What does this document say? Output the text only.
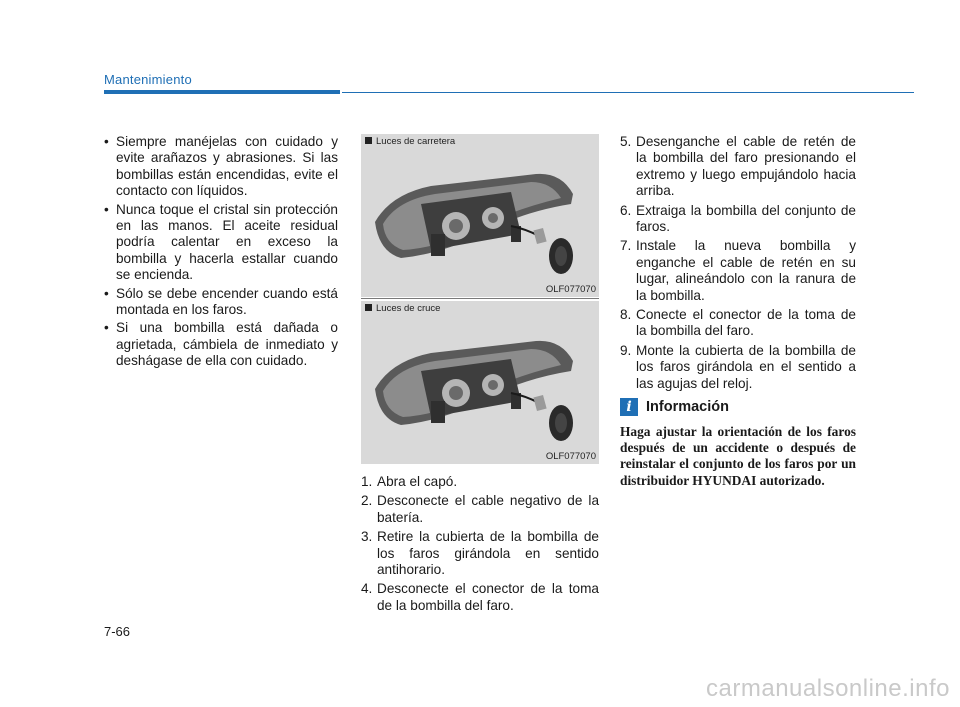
Mantenimiento
• Siempre manéjelas con cuidado y evite arañazos y abrasiones. Si las bombillas están encendidas, evite el contacto con líquidos.
• Nunca toque el cristal sin protección en las manos. El aceite residual podría calentar en exceso la bombilla y hacerla estallar cuando se encienda.
• Sólo se debe encender cuando está montada en los faros.
• Si una bombilla está dañada o agrietada, cámbiela de inmediato y deshágase de ella con cuidado.
Luces de carretera
OLF077070
Luces de cruce
OLF077070
1. Abra el capó.
2. Desconecte el cable negativo de la batería.
3. Retire la cubierta de la bombilla de los faros girándola en sentido antihorario.
4. Desconecte el conector de la toma de la bombilla del faro.
5. Desenganche el cable de retén de la bombilla del faro presionando el extremo y luego empujándolo hacia arriba.
6. Extraiga la bombilla del conjunto de faros.
7. Instale la nueva bombilla y enganche el cable de retén en su lugar, alineándolo con la ranura de la bombilla.
8. Conecte el conector de la toma de la bombilla del faro.
9. Monte la cubierta de la bombilla de los faros girándola en el sentido a las agujas del reloj.
i Información
Haga ajustar la orientación de los faros después de un accidente o después de reinstalar el conjunto de los faros por un distribuidor HYUNDAI autorizado.
7-66
carmanualsonline.info
